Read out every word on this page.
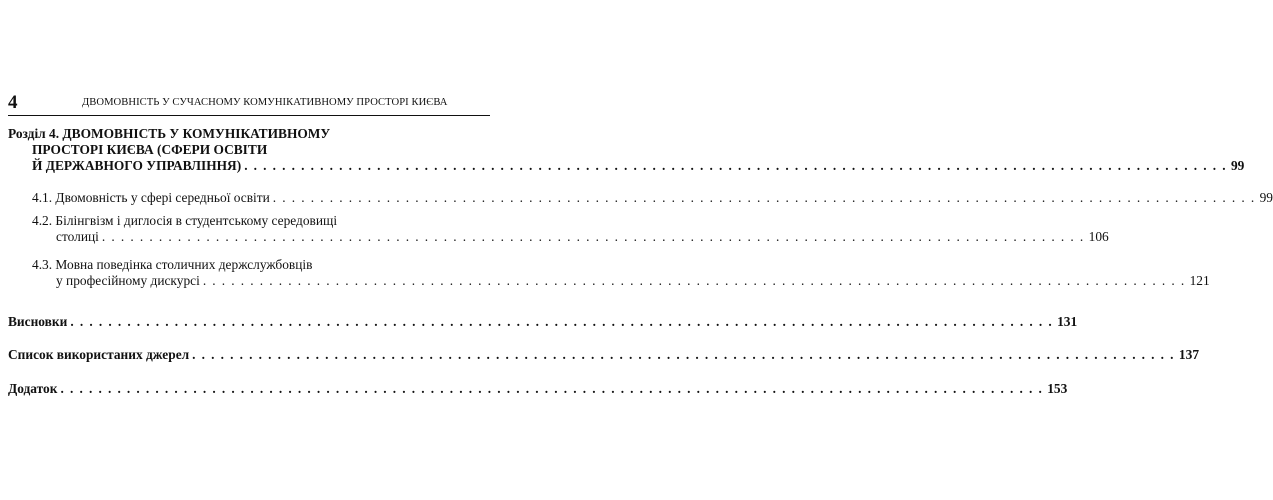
4	ДВОМОВНІСТЬ У СУЧАСНОМУ КОМУНІКАТИВНОМУ ПРОСТОРІ КИЄВА
Розділ 4. ДВОМОВНІСТЬ У КОМУНІКАТИВНОМУ
ПРОСТОРІ КИЄВА (СФЕРИ ОСВІТИ
Й ДЕРЖАВНОГО УПРАВЛІННЯ) . . . . . . . . . . . . . . . . . . . . . . . . . . . . . . . . . . . . . . . . . . . . . . . . . . . . . . . . . . . . . . . . . . . . . . . . . . . . . . . . . . . . . . . . . . . . . . . . . . . . . . . . 99
4.1. Двомовність у сфері середньої освіти . . . . . . . . . . . . . . . . . . . . . . . . . . . . . . . . . . . . . . . . . . . . . . . . . . . . . . . . . . . . . . . . . . . . . . . . . . . . . . . . . . . . . . . . . . . . . . . . . . . . . . . . 99
4.2. Білінгвізм і диглосія в студентському середовищі
столиці . . . . . . . . . . . . . . . . . . . . . . . . . . . . . . . . . . . . . . . . . . . . . . . . . . . . . . . . . . . . . . . . . . . . . . . . . . . . . . . . . . . . . . . . . . . . . . . . . . . . . . . . 106
4.3. Мовна поведінка столичних держслужбовців
у професійному дискурсі . . . . . . . . . . . . . . . . . . . . . . . . . . . . . . . . . . . . . . . . . . . . . . . . . . . . . . . . . . . . . . . . . . . . . . . . . . . . . . . . . . . . . . . . . . . . . . . . . . . . . . . . 121
Висновки . . . . . . . . . . . . . . . . . . . . . . . . . . . . . . . . . . . . . . . . . . . . . . . . . . . . . . . . . . . . . . . . . . . . . . . . . . . . . . . . . . . . . . . . . . . . . . . . . . . . . . . . 131
Список використаних джерел . . . . . . . . . . . . . . . . . . . . . . . . . . . . . . . . . . . . . . . . . . . . . . . . . . . . . . . . . . . . . . . . . . . . . . . . . . . . . . . . . . . . . . . . . . . . . . . . . . . . . . . . 137
Додаток . . . . . . . . . . . . . . . . . . . . . . . . . . . . . . . . . . . . . . . . . . . . . . . . . . . . . . . . . . . . . . . . . . . . . . . . . . . . . . . . . . . . . . . . . . . . . . . . . . . . . . . . 153
